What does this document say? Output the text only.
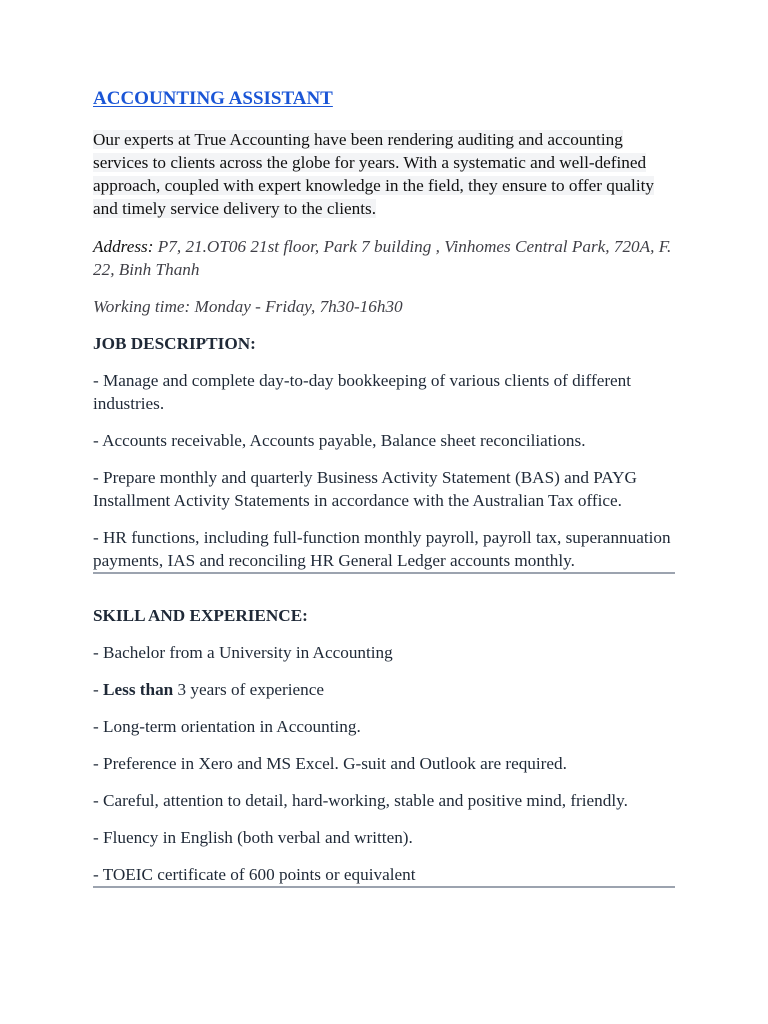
ACCOUNTING ASSISTANT

Our experts at True Accounting have been rendering auditing and accounting services to clients across the globe for years. With a systematic and well-defined approach, coupled with expert knowledge in the field, they ensure to offer quality and timely service delivery to the clients.

Address: P7, 21.OT06 21st floor, Park 7 building , Vinhomes Central Park, 720A, F. 22, Binh Thanh

Working time: Monday - Friday, 7h30-16h30

JOB DESCRIPTION:

- Manage and complete day-to-day bookkeeping of various clients of different industries.

- Accounts receivable, Accounts payable, Balance sheet reconciliations.

- Prepare monthly and quarterly Business Activity Statement (BAS) and PAYG Installment Activity Statements in accordance with the Australian Tax office.

- HR functions, including full-function monthly payroll, payroll tax, superannuation payments, IAS and reconciling HR General Ledger accounts monthly.

SKILL AND EXPERIENCE:

- Bachelor from a University in Accounting

- Less than 3 years of experience

- Long-term orientation in Accounting.

- Preference in Xero and MS Excel. G-suit and Outlook are required.

- Careful, attention to detail, hard-working, stable and positive mind, friendly.

- Fluency in English (both verbal and written).

- TOEIC certificate of 600 points or equivalent
